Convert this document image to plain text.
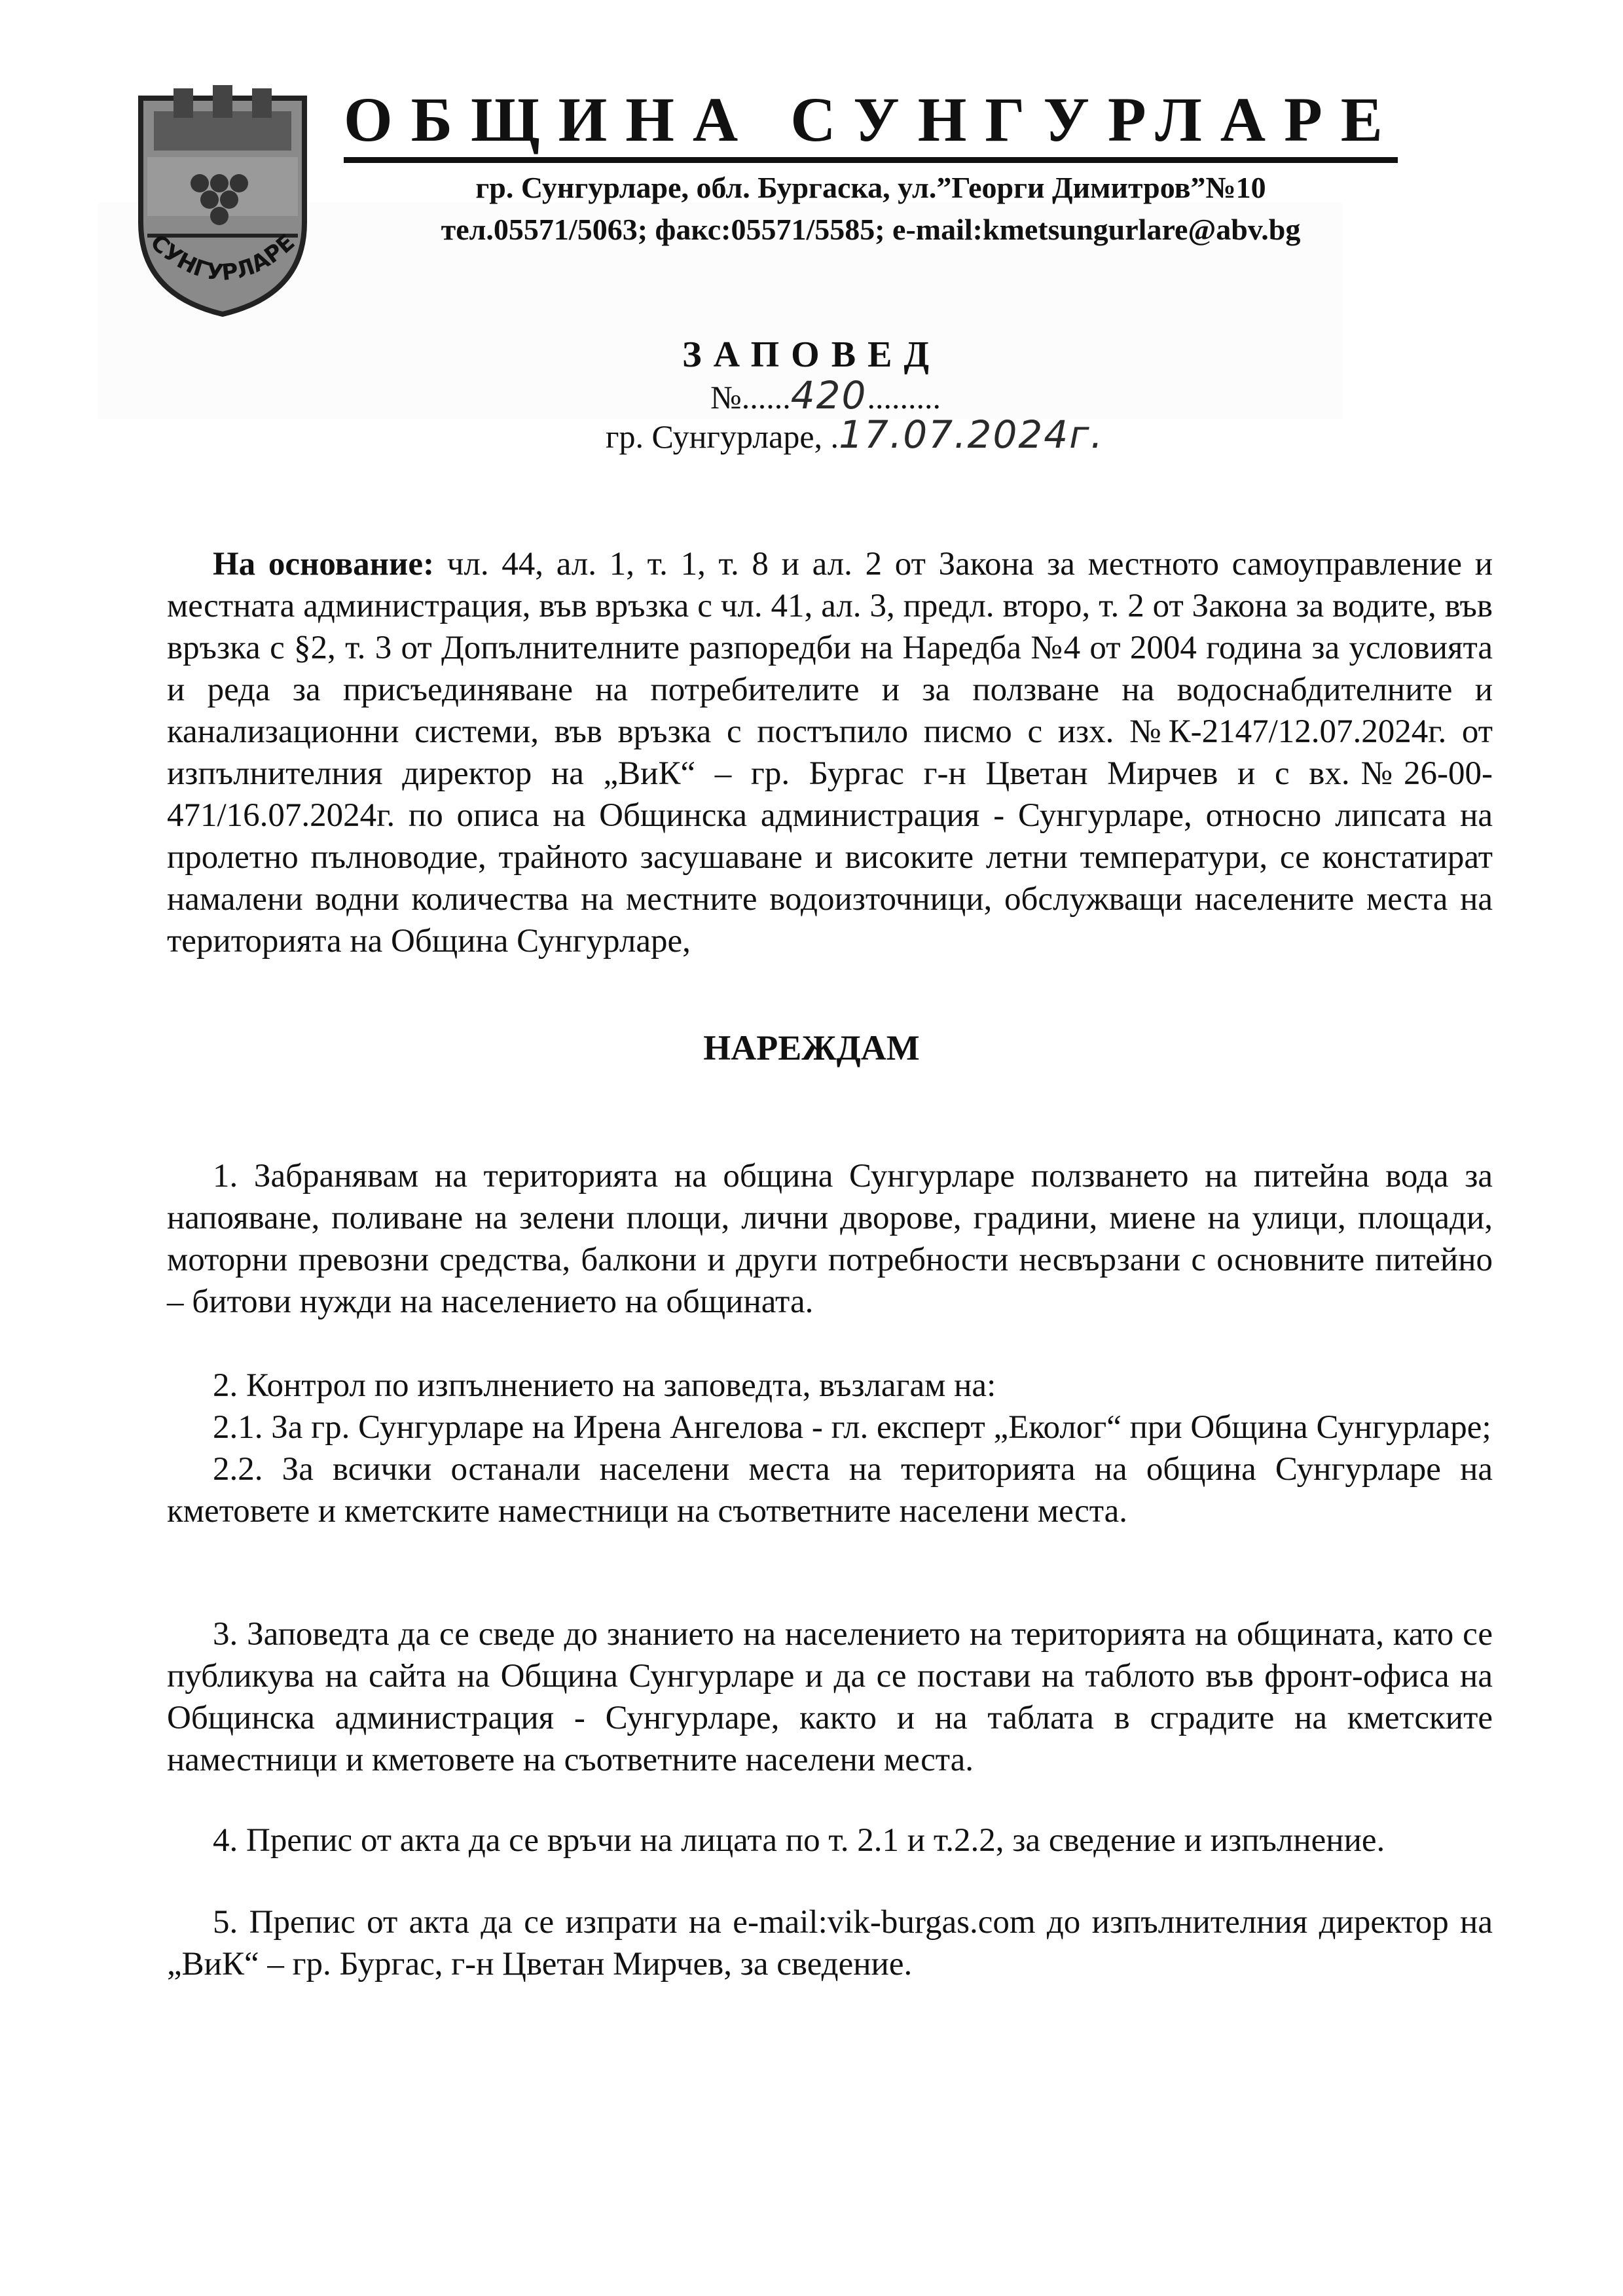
СУНГУРЛАРЕ
ОБЩИНА СУНГУРЛАРЕ
гр. Сунгурларе, обл. Бургаска, ул.”Георги Димитров”№10
тел.05571/5063; факс:05571/5585; e-mail:kmetsungurlare@abv.bg
ЗАПОВЕД
№......420.........
гр. Сунгурларе, .17.07.2024г.

На основание: чл. 44, ал. 1, т. 1, т. 8 и ал. 2 от Закона за местното самоуправление и местната администрация, във връзка с чл. 41, ал. 3, предл. второ, т. 2 от Закона за водите, във връзка с §2, т. 3 от Допълнителните разпоредби на Наредба №4 от 2004 година за условията и реда за присъединяване на потребителите и за ползване на водоснабдителните и канализационни системи, във връзка с постъпило писмо с изх. №К-2147/12.07.2024г. от изпълнителния директор на „ВиК“ – гр. Бургас г-н Цветан Мирчев и с вх.№26-00-471/16.07.2024г. по описа на Общинска администрация - Сунгурларе, относно липсата на пролетно пълноводие, трайното засушаване и високите летни температури, се констатират намалени водни количества на местните водоизточници, обслужващи населените места на територията на Община Сунгурларе,

НАРЕЖДАМ

1. Забранявам на територията на община Сунгурларе ползването на питейна вода за напояване, поливане на зелени площи, лични дворове, градини, миене на улици, площади, моторни превозни средства, балкони и други потребности несвързани с основните питейно – битови нужди на населението на общината.

2. Контрол по изпълнението на заповедта, възлагам на:

2.1. За гр. Сунгурларе на Ирена Ангелова - гл. експерт „Еколог“ при Община Сунгурларе;

2.2. За всички останали населени места на територията на община Сунгурларе на кметовете и кметските наместници на съответните населени места.

3. Заповедта да се сведе до знанието на населението на територията на общината, като се публикува на сайта на Община Сунгурларе и да се постави на таблото във фронт-офиса на Общинска администрация - Сунгурларе, както и на таблата в сградите на кметските наместници и кметовете на съответните населени места.

4. Препис от акта да се връчи на лицата по т. 2.1 и т.2.2, за сведение и изпълнение.

5. Препис от акта да се изпрати на e-mail:vik-burgas.com до изпълнителния директор на „ВиК“ – гр. Бургас, г-н Цветан Мирчев, за сведение.
